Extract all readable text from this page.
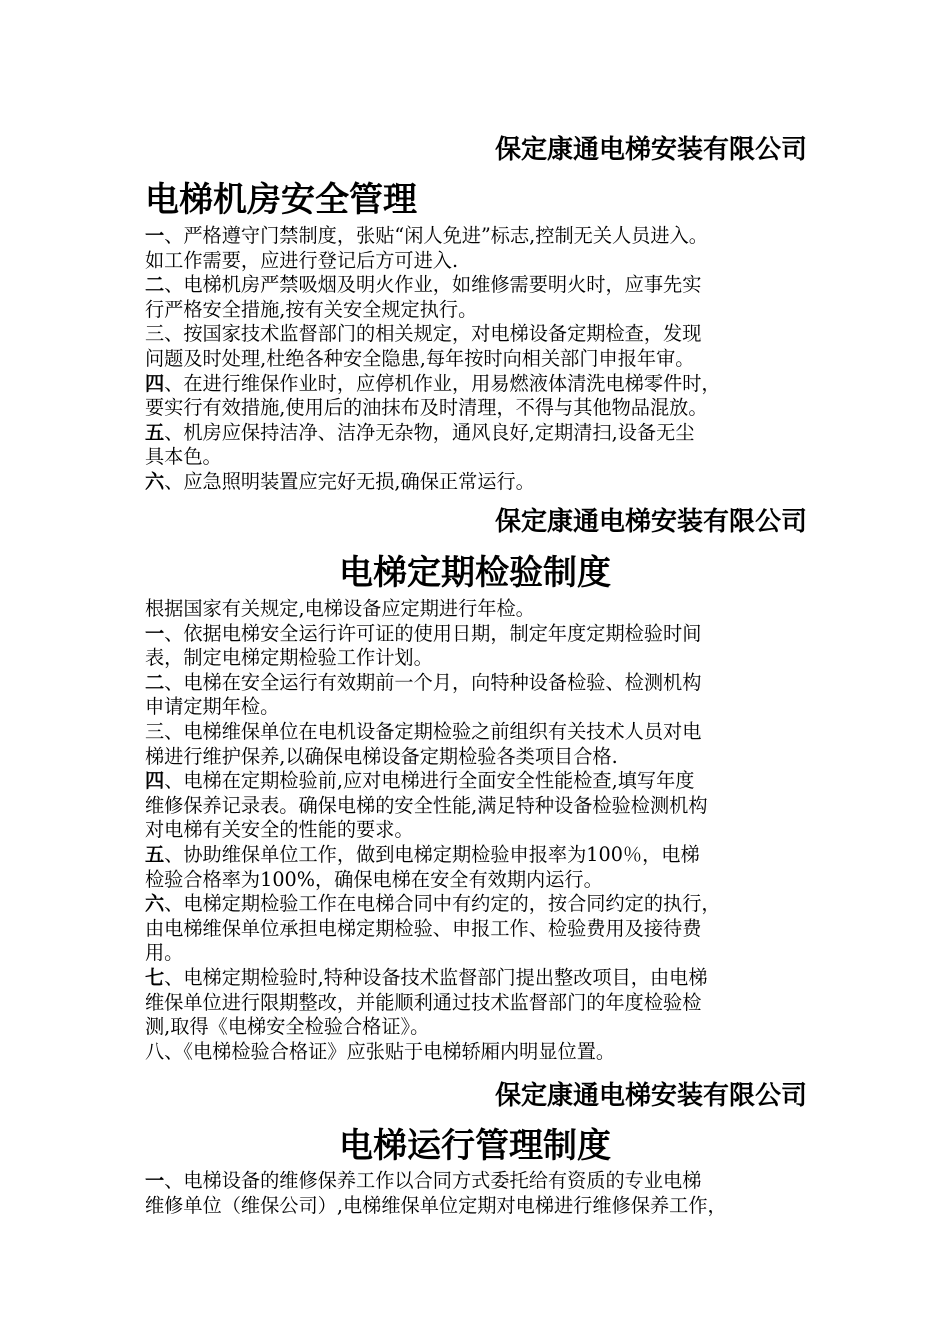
保定康通电梯安装有限公司
电梯机房安全管理
一、严格遵守门禁制度，张贴“闲人免进”标志,控制无关人员进入。
如工作需要，应进行登记后方可进入.
二、电梯机房严禁吸烟及明火作业，如维修需要明火时，应事先实
行严格安全措施,按有关安全规定执行。
三、按国家技术监督部门的相关规定，对电梯设备定期检查，发现
问题及时处理,杜绝各种安全隐患,每年按时向相关部门申报年审。
四、在进行维保作业时，应停机作业，用易燃液体清洗电梯零件时，
要实行有效措施,使用后的油抹布及时清理，不得与其他物品混放。
五、机房应保持洁净、洁净无杂物，通风良好,定期清扫,设备无尘
具本色。
六、应急照明装置应完好无损,确保正常运行。
保定康通电梯安装有限公司
电梯定期检验制度
根据国家有关规定,电梯设备应定期进行年检。
一、依据电梯安全运行许可证的使用日期，制定年度定期检验时间
表，制定电梯定期检验工作计划。
二、电梯在安全运行有效期前一个月，向特种设备检验、检测机构
申请定期年检。
三、电梯维保单位在电机设备定期检验之前组织有关技术人员对电
梯进行维护保养,以确保电梯设备定期检验各类项目合格.
四、电梯在定期检验前,应对电梯进行全面安全性能检查,填写年度
维修保养记录表。确保电梯的安全性能,满足特种设备检验检测机构
对电梯有关安全的性能的要求。
五、协助维保单位工作，做到电梯定期检验申报率为100％，电梯
检验合格率为100%，确保电梯在安全有效期内运行。
六、电梯定期检验工作在电梯合同中有约定的，按合同约定的执行，
由电梯维保单位承担电梯定期检验、申报工作、检验费用及接待费
用。
七、电梯定期检验时,特种设备技术监督部门提出整改项目，由电梯
维保单位进行限期整改，并能顺利通过技术监督部门的年度检验检
测,取得《电梯安全检验合格证》。
八、《电梯检验合格证》应张贴于电梯轿厢内明显位置。
保定康通电梯安装有限公司
电梯运行管理制度
一、电梯设备的维修保养工作以合同方式委托给有资质的专业电梯
维修单位（维保公司）,电梯维保单位定期对电梯进行维修保养工作，
